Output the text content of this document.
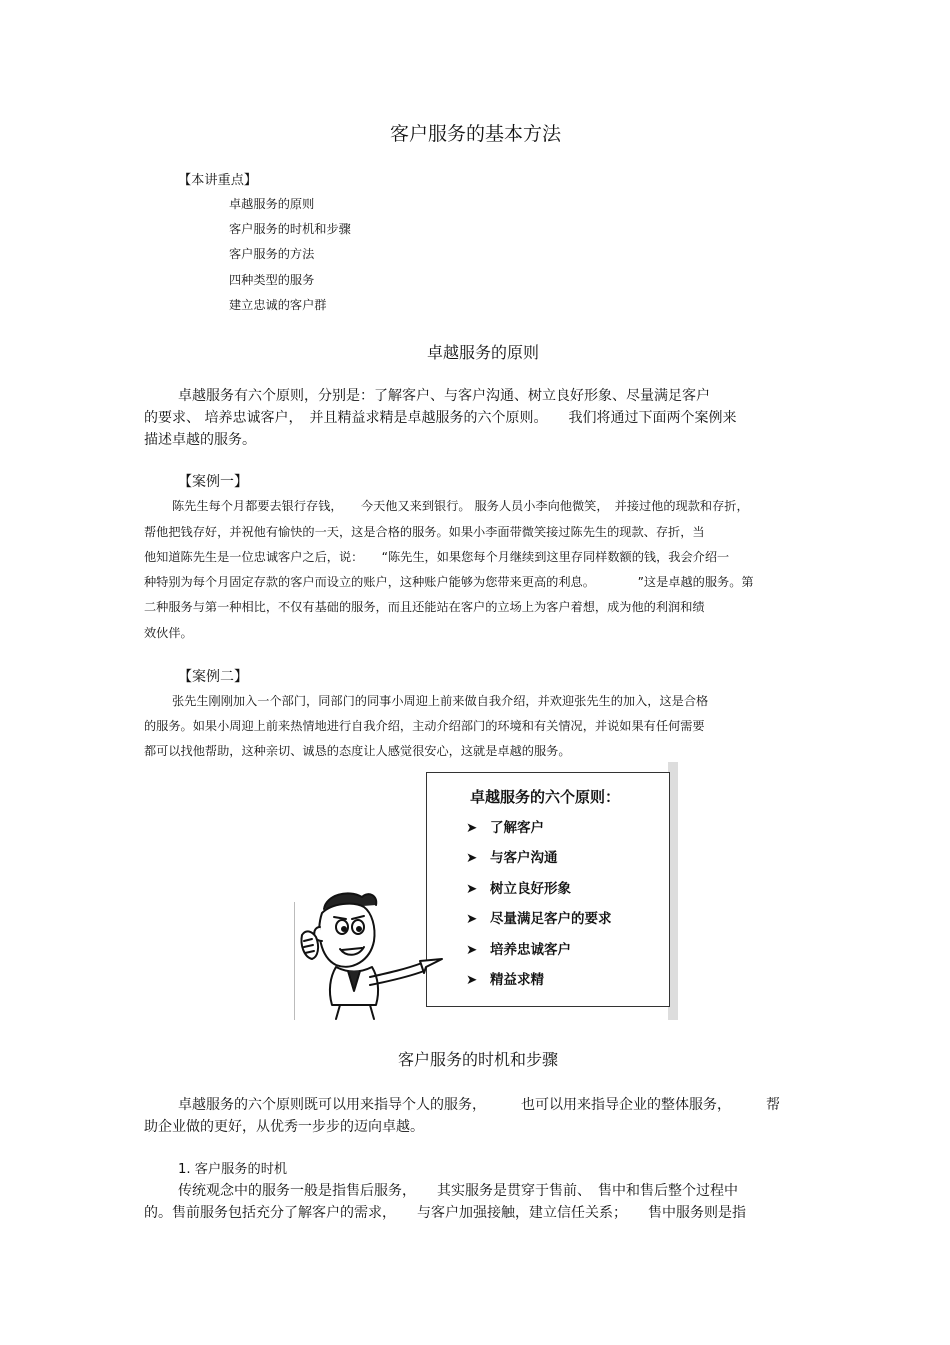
客户服务的基本方法
【本讲重点】
卓越服务的原则
客户服务的时机和步骤
客户服务的方法
四种类型的服务
建立忠诚的客户群
卓越服务的原则
卓越服务有六个原则，分别是：了解客户、与客户沟通、树立良好形象、尽量满足客户
的要求、 培养忠诚客户，　并且精益求精是卓越服务的六个原则。　　我们将通过下面两个案例来
描述卓越的服务。
【案例一】
陈先生每个月都要去银行存钱，　　今天他又来到银行。 服务人员小李向他微笑，　并接过他的现款和存折，
帮他把钱存好，并祝他有愉快的一天，这是合格的服务。如果小李面带微笑接过陈先生的现款、存折，当
他知道陈先生是一位忠诚客户之后，说：　　“陈先生，如果您每个月继续到这里存同样数额的钱，我会介绍一
种特别为每个月固定存款的客户而设立的账户，这种账户能够为您带来更高的利息。　　　　”这是卓越的服务。第
二种服务与第一种相比，不仅有基础的服务，而且还能站在客户的立场上为客户着想，成为他的利润和绩
效伙伴。
【案例二】
张先生刚刚加入一个部门，同部门的同事小周迎上前来做自我介绍，并欢迎张先生的加入，这是合格
的服务。如果小周迎上前来热情地进行自我介绍，主动介绍部门的环境和有关情况，并说如果有任何需要
都可以找他帮助，这种亲切、诚恳的态度让人感觉很安心，这就是卓越的服务。
卓越服务的六个原则：
➤ 了解客户
➤ 与客户沟通
➤ 树立良好形象
➤ 尽量满足客户的要求
➤ 培养忠诚客户
➤ 精益求精
客户服务的时机和步骤
卓越服务的六个原则既可以用来指导个人的服务，　　　也可以用来指导企业的整体服务，　　　帮
助企业做的更好，从优秀一步步的迈向卓越。
1. 客户服务的时机
传统观念中的服务一般是指售后服务，　　其实服务是贯穿于售前、　售中和售后整个过程中
的。售前服务包括充分了解客户的需求，　　与客户加强接触，建立信任关系；　　售中服务则是指
